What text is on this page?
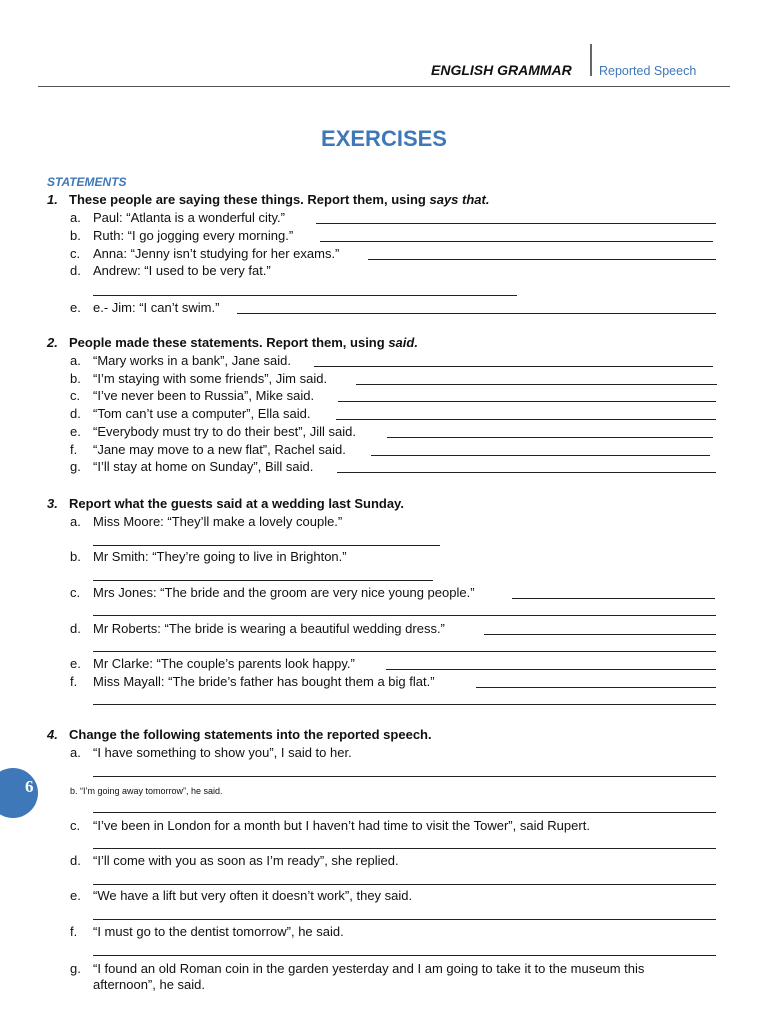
ENGLISH GRAMMAR Reported Speech
EXERCISES
STATEMENTS
1. These people are saying these things. Report them, using says that.
a. Paul: “Atlanta is a wonderful city.”
b. Ruth: “I go jogging every morning.”
c. Anna: “Jenny isn’t studying for her exams.”
d. Andrew: “I used to be very fat.”
e. e.- Jim: “I can’t swim.”
2. People made these statements. Report them, using said.
a. “Mary works in a bank”, Jane said.
b. “I’m staying with some friends”, Jim said.
c. “I’ve never been to Russia”, Mike said.
d. “Tom can’t use a computer”, Ella said.
e. “Everybody must try to do their best”, Jill said.
f. “Jane may move to a new flat”, Rachel said.
g. “I’ll stay at home on Sunday”, Bill said.
3. Report what the guests said at a wedding last Sunday.
a. Miss Moore: “They’ll make a lovely couple.”
b. Mr Smith: “They’re going to live in Brighton.”
c. Mrs Jones: “The bride and the groom are very nice young people.”
d. Mr Roberts: “The bride is wearing a beautiful wedding dress.”
e. Mr Clarke: “The couple’s parents look happy.”
f. Miss Mayall: “The bride’s father has bought them a big flat.”
4. Change the following statements into the reported speech.
a. “I have something to show you”, I said to her.
b. “I’m going away tomorrow”, he said.
c. “I’ve been in London for a month but I haven’t had time to visit the Tower”, said Rupert.
d. “I’ll come with you as soon as I’m ready”, she replied.
e. “We have a lift but very often it doesn’t work”, they said.
f. “I must go to the dentist tomorrow”, he said.
g. “I found an old Roman coin in the garden yesterday and I am going to take it to the museum this
afternoon”, he said.
6
